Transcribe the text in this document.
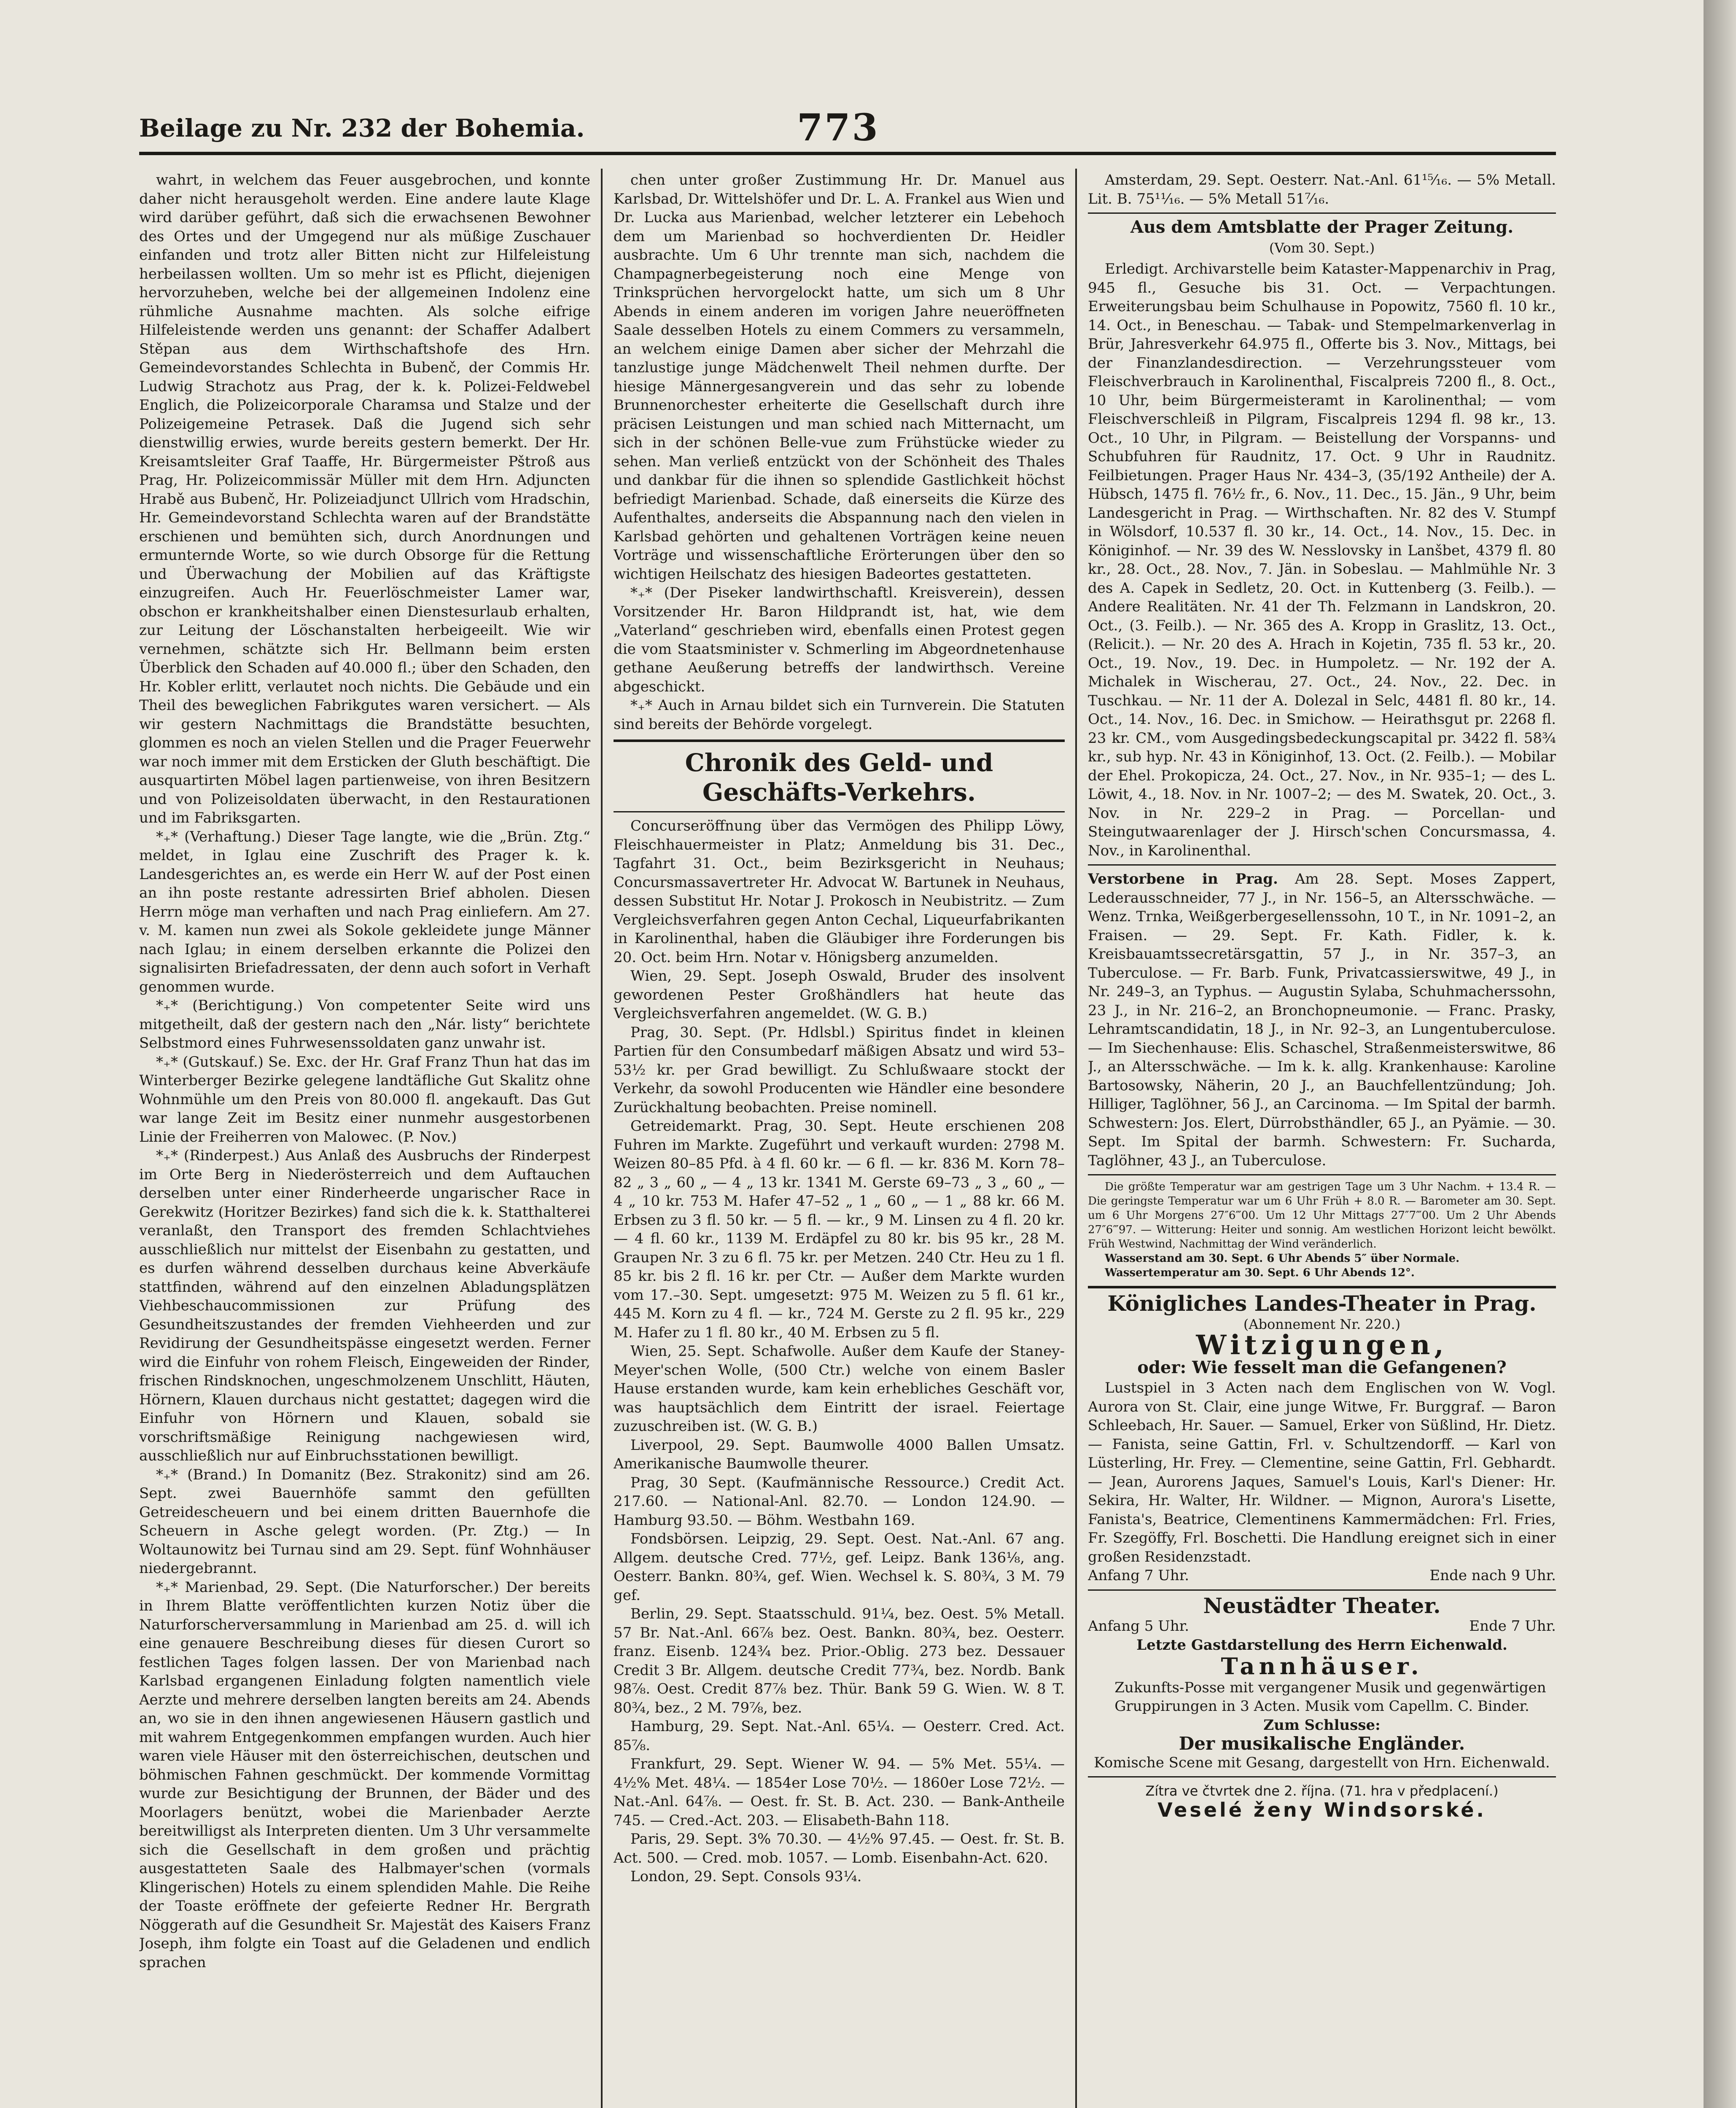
Beilage zu Nr. 232 der Bohemia.	773

wahrt, in welchem das Feuer ausgebrochen, und konnte daher nicht herausgeholt werden. Eine andere laute Klage wird darüber geführt, daß sich die erwachsenen Bewohner des Ortes und der Umgegend nur als müßige Zuschauer einfanden und trotz aller Bitten nicht zur Hilfeleistung herbeilassen wollten. Um so mehr ist es Pflicht, diejenigen hervorzuheben, welche bei der allgemeinen Indolenz eine rühmliche Ausnahme machten. Als solche eifrige Hilfeleistende werden uns genannt: der Schaffer Adalbert Stěpan aus dem Wirthschaftshofe des Hrn. Gemeindevorstandes Schlechta in Bubenč, der Commis Hr. Ludwig Strachotz aus Prag, der k. k. Polizei-Feldwebel Englich, die Polizeicorporale Charamsa und Stalze und der Polizeigemeine Petrasek. Daß die Jugend sich sehr dienstwillig erwies, wurde bereits gestern bemerkt. Der Hr. Kreisamtsleiter Graf Taaffe, Hr. Bürgermeister Pštroß aus Prag, Hr. Polizeicommissär Müller mit dem Hrn. Adjuncten Hrabě aus Bubenč, Hr. Polizeiadjunct Ullrich vom Hradschin, Hr. Gemeindevorstand Schlechta waren auf der Brandstätte erschienen und bemühten sich, durch Anordnungen und ermunternde Worte, so wie durch Obsorge für die Rettung und Überwachung der Mobilien auf das Kräftigste einzugreifen. Auch Hr. Feuerlöschmeister Lamer war, obschon er krankheitshalber einen Dienstesurlaub erhalten, zur Leitung der Löschanstalten herbeigeeilt. Wie wir vernehmen, schätzte sich Hr. Bellmann beim ersten Überblick den Schaden auf 40.000 fl.; über den Schaden, den Hr. Kobler erlitt, verlautet noch nichts. Die Gebäude und ein Theil des beweglichen Fabrikgutes waren versichert. — Als wir gestern Nachmittags die Brandstätte besuchten, glommen es noch an vielen Stellen und die Prager Feuerwehr war noch immer mit dem Ersticken der Gluth beschäftigt. Die ausquartirten Möbel lagen partienweise, von ihren Besitzern und von Polizeisoldaten überwacht, in den Restaurationen und im Fabriksgarten.

*₊* (Verhaftung.) Dieser Tage langte, wie die „Brün. Ztg.“ meldet, in Iglau eine Zuschrift des Prager k. k. Landesgerichtes an, es werde ein Herr W. auf der Post einen an ihn poste restante adressirten Brief abholen. Diesen Herrn möge man verhaften und nach Prag einliefern. Am 27. v. M. kamen nun zwei als Sokole gekleidete junge Männer nach Iglau; in einem derselben erkannte die Polizei den signalisirten Briefadressaten, der denn auch sofort in Verhaft genommen wurde.

*₊* (Berichtigung.) Von competenter Seite wird uns mitgetheilt, daß der gestern nach den „Nár. listy“ berichtete Selbstmord eines Fuhrwesenssoldaten ganz unwahr ist.

*₊* (Gutskauf.) Se. Exc. der Hr. Graf Franz Thun hat das im Winterberger Bezirke gelegene landtäfliche Gut Skalitz ohne Wohnmühle um den Preis von 80.000 fl. angekauft. Das Gut war lange Zeit im Besitz einer nunmehr ausgestorbenen Linie der Freiherren von Malowec. (P. Nov.)

*₊* (Rinderpest.) Aus Anlaß des Ausbruchs der Rinderpest im Orte Berg in Niederösterreich und dem Auftauchen derselben unter einer Rinderheerde ungarischer Race in Gerekwitz (Horitzer Bezirkes) fand sich die k. k. Statthalterei veranlaßt, den Transport des fremden Schlachtviehes ausschließlich nur mittelst der Eisenbahn zu gestatten, und es durfen während desselben durchaus keine Abverkäufe stattfinden, während auf den einzelnen Abladungsplätzen Viehbeschaucommissionen zur Prüfung des Gesundheitszustandes der fremden Viehheerden und zur Revidirung der Gesundheitspässe eingesetzt werden. Ferner wird die Einfuhr von rohem Fleisch, Eingeweiden der Rinder, frischen Rindsknochen, ungeschmolzenem Unschlitt, Häuten, Hörnern, Klauen durchaus nicht gestattet; dagegen wird die Einfuhr von Hörnern und Klauen, sobald sie vorschriftsmäßige Reinigung nachgewiesen wird, ausschließlich nur auf Einbruchsstationen bewilligt.

*₊* (Brand.) In Domanitz (Bez. Strakonitz) sind am 26. Sept. zwei Bauernhöfe sammt den gefüllten Getreidescheuern und bei einem dritten Bauernhofe die Scheuern in Asche gelegt worden. (Pr. Ztg.) — In Woltaunowitz bei Turnau sind am 29. Sept. fünf Wohnhäuser niedergebrannt.

*₊* Marienbad, 29. Sept. (Die Naturforscher.) Der bereits in Ihrem Blatte veröffentlichten kurzen Notiz über die Naturforscherversammlung in Marienbad am 25. d. will ich eine genauere Beschreibung dieses für diesen Curort so festlichen Tages folgen lassen. Der von Marienbad nach Karlsbad ergangenen Einladung folgten namentlich viele Aerzte und mehrere derselben langten bereits am 24. Abends an, wo sie in den ihnen angewiesenen Häusern gastlich und mit wahrem Entgegenkommen empfangen wurden. Auch hier waren viele Häuser mit den österreichischen, deutschen und böhmischen Fahnen geschmückt. Der kommende Vormittag wurde zur Besichtigung der Brunnen, der Bäder und des Moorlagers benützt, wobei die Marienbader Aerzte bereitwilligst als Interpreten dienten. Um 3 Uhr versammelte sich die Gesellschaft in dem großen und prächtig ausgestatteten Saale des Halbmayer'schen (vormals Klingerischen) Hotels zu einem splendiden Mahle. Die Reihe der Toaste eröffnete der gefeierte Redner Hr. Bergrath Nöggerath auf die Gesundheit Sr. Majestät des Kaisers Franz Joseph, ihm folgte ein Toast auf die Geladenen und endlich sprachen

chen unter großer Zustimmung Hr. Dr. Manuel aus Karlsbad, Dr. Wittelshöfer und Dr. L. A. Frankel aus Wien und Dr. Lucka aus Marienbad, welcher letzterer ein Lebehoch dem um Marienbad so hochverdienten Dr. Heidler ausbrachte. Um 6 Uhr trennte man sich, nachdem die Champagnerbegeisterung noch eine Menge von Trinksprüchen hervorgelockt hatte, um sich um 8 Uhr Abends in einem anderen im vorigen Jahre neueröffneten Saale desselben Hotels zu einem Commers zu versammeln, an welchem einige Damen aber sicher der Mehrzahl die tanzlustige junge Mädchenwelt Theil nehmen durfte. Der hiesige Männergesangverein und das sehr zu lobende Brunnenorchester erheiterte die Gesellschaft durch ihre präcisen Leistungen und man schied nach Mitternacht, um sich in der schönen Belle-vue zum Frühstücke wieder zu sehen. Man verließ entzückt von der Schönheit des Thales und dankbar für die ihnen so splendide Gastlichkeit höchst befriedigt Marienbad. Schade, daß einerseits die Kürze des Aufenthaltes, anderseits die Abspannung nach den vielen in Karlsbad gehörten und gehaltenen Vorträgen keine neuen Vorträge und wissenschaftliche Erörterungen über den so wichtigen Heilschatz des hiesigen Badeortes gestatteten.

*₊* (Der Piseker landwirthschaftl. Kreisverein), dessen Vorsitzender Hr. Baron Hildprandt ist, hat, wie dem „Vaterland“ geschrieben wird, ebenfalls einen Protest gegen die vom Staatsminister v. Schmerling im Abgeordnetenhause gethane Aeußerung betreffs der landwirthsch. Vereine abgeschickt.

*₊* Auch in Arnau bildet sich ein Turnverein. Die Statuten sind bereits der Behörde vorgelegt.

Chronik des Geld- und Geschäfts-Verkehrs.

Concurseröffnung über das Vermögen des Philipp Löwy, Fleischhauermeister in Platz; Anmeldung bis 31. Dec., Tagfahrt 31. Oct., beim Bezirksgericht in Neuhaus; Concursmassavertreter Hr. Advocat W. Bartunek in Neuhaus, dessen Substitut Hr. Notar J. Prokosch in Neubistritz. — Zum Vergleichsverfahren gegen Anton Cechal, Liqueurfabrikanten in Karolinenthal, haben die Gläubiger ihre Forderungen bis 20. Oct. beim Hrn. Notar v. Hönigsberg anzumelden.

Wien, 29. Sept. Joseph Oswald, Bruder des insolvent gewordenen Pester Großhändlers hat heute das Vergleichsverfahren angemeldet. (W. G. B.)

Prag, 30. Sept. (Pr. Hdlsbl.) Spiritus findet in kleinen Partien für den Consumbedarf mäßigen Absatz und wird 53–53½ kr. per Grad bewilligt. Zu Schlußwaare stockt der Verkehr, da sowohl Producenten wie Händler eine besondere Zurückhaltung beobachten. Preise nominell.

Getreidemarkt. Prag, 30. Sept. Heute erschienen 208 Fuhren im Markte. Zugeführt und verkauft wurden: 2798 M. Weizen 80–85 Pfd. à 4 fl. 60 kr. — 6 fl. — kr. 836 M. Korn 78–82 „ 3 „ 60 „ — 4 „ 13 kr. 1341 M. Gerste 69–73 „ 3 „ 60 „ — 4 „ 10 kr. 753 M. Hafer 47–52 „ 1 „ 60 „ — 1 „ 88 kr. 66 M. Erbsen zu 3 fl. 50 kr. — 5 fl. — kr., 9 M. Linsen zu 4 fl. 20 kr. — 4 fl. 60 kr., 1139 M. Erdäpfel zu 80 kr. bis 95 kr., 28 M. Graupen Nr. 3 zu 6 fl. 75 kr. per Metzen. 240 Ctr. Heu zu 1 fl. 85 kr. bis 2 fl. 16 kr. per Ctr. — Außer dem Markte wurden vom 17.–30. Sept. umgesetzt: 975 M. Weizen zu 5 fl. 61 kr., 445 M. Korn zu 4 fl. — kr., 724 M. Gerste zu 2 fl. 95 kr., 229 M. Hafer zu 1 fl. 80 kr., 40 M. Erbsen zu 5 fl.

Wien, 25. Sept. Schafwolle. Außer dem Kaufe der Staney-Meyer'schen Wolle, (500 Ctr.) welche von einem Basler Hause erstanden wurde, kam kein erhebliches Geschäft vor, was hauptsächlich dem Eintritt der israel. Feiertage zuzuschreiben ist. (W. G. B.)

Liverpool, 29. Sept. Baumwolle 4000 Ballen Umsatz. Amerikanische Baumwolle theurer.

Prag, 30 Sept. (Kaufmännische Ressource.) Credit Act. 217.60. — National-Anl. 82.70. — London 124.90. — Hamburg 93.50. — Böhm. Westbahn 169.

Fondsbörsen. Leipzig, 29. Sept. Oest. Nat.-Anl. 67 ang. Allgem. deutsche Cred. 77½, gef. Leipz. Bank 136⅛, ang. Oesterr. Bankn. 80¾, gef. Wien. Wechsel k. S. 80¾, 3 M. 79 gef.

Berlin, 29. Sept. Staatsschuld. 91¼, bez. Oest. 5% Metall. 57 Br. Nat.-Anl. 66⅞ bez. Oest. Bankn. 80¾, bez. Oesterr. franz. Eisenb. 124¾ bez. Prior.-Oblig. 273 bez. Dessauer Credit 3 Br. Allgem. deutsche Credit 77¾, bez. Nordb. Bank 98⅞. Oest. Credit 87⅞ bez. Thür. Bank 59 G. Wien. W. 8 T. 80¾, bez., 2 M. 79⅞, bez.

Hamburg, 29. Sept. Nat.-Anl. 65¼. — Oesterr. Cred. Act. 85⅞.

Frankfurt, 29. Sept. Wiener W. 94. — 5% Met. 55¼. — 4½% Met. 48¼. — 1854er Lose 70½. — 1860er Lose 72½. — Nat.-Anl. 64⅞. — Oest. fr. St. B. Act. 230. — Bank-Antheile 745. — Cred.-Act. 203. — Elisabeth-Bahn 118.

Paris, 29. Sept. 3% 70.30. — 4½% 97.45. — Oest. fr. St. B. Act. 500. — Cred. mob. 1057. — Lomb. Eisenbahn-Act. 620.

London, 29. Sept. Consols 93¼.

Amsterdam, 29. Sept. Oesterr. Nat.-Anl. 61¹⁵⁄₁₆. — 5% Metall. Lit. B. 75¹¹⁄₁₆. — 5% Metall 51⁷⁄₁₆.

Aus dem Amtsblatte der Prager Zeitung.
(Vom 30. Sept.)

Erledigt. Archivarstelle beim Kataster-Mappenarchiv in Prag, 945 fl., Gesuche bis 31. Oct. — Verpachtungen. Erweiterungsbau beim Schulhause in Popowitz, 7560 fl. 10 kr., 14. Oct., in Beneschau. — Tabak- und Stempelmarkenverlag in Brür, Jahresverkehr 64.975 fl., Offerte bis 3. Nov., Mittags, bei der Finanzlandesdirection. — Verzehrungssteuer vom Fleischverbrauch in Karolinenthal, Fiscalpreis 7200 fl., 8. Oct., 10 Uhr, beim Bürgermeisteramt in Karolinenthal; — vom Fleischverschleiß in Pilgram, Fiscalpreis 1294 fl. 98 kr., 13. Oct., 10 Uhr, in Pilgram. — Beistellung der Vorspanns- und Schubfuhren für Raudnitz, 17. Oct. 9 Uhr in Raudnitz. Feilbietungen. Prager Haus Nr. 434–3, (35/192 Antheile) der A. Hübsch, 1475 fl. 76½ fr., 6. Nov., 11. Dec., 15. Jän., 9 Uhr, beim Landesgericht in Prag. — Wirthschaften. Nr. 82 des V. Stumpf in Wölsdorf, 10.537 fl. 30 kr., 14. Oct., 14. Nov., 15. Dec. in Königinhof. — Nr. 39 des W. Nesslovsky in Lanšbet, 4379 fl. 80 kr., 28. Oct., 28. Nov., 7. Jän. in Sobeslau. — Mahlmühle Nr. 3 des A. Capek in Sedletz, 20. Oct. in Kuttenberg (3. Feilb.). — Andere Realitäten. Nr. 41 der Th. Felzmann in Landskron, 20. Oct., (3. Feilb.). — Nr. 365 des A. Kropp in Graslitz, 13. Oct., (Relicit.). — Nr. 20 des A. Hrach in Kojetin, 735 fl. 53 kr., 20. Oct., 19. Nov., 19. Dec. in Humpoletz. — Nr. 192 der A. Michalek in Wischerau, 27. Oct., 24. Nov., 22. Dec. in Tuschkau. — Nr. 11 der A. Dolezal in Selc, 4481 fl. 80 kr., 14. Oct., 14. Nov., 16. Dec. in Smichow. — Heirathsgut pr. 2268 fl. 23 kr. CM., vom Ausgedingsbedeckungscapital pr. 3422 fl. 58¾ kr., sub hyp. Nr. 43 in Königinhof, 13. Oct. (2. Feilb.). — Mobilar der Ehel. Prokopicza, 24. Oct., 27. Nov., in Nr. 935–1; — des L. Löwit, 4., 18. Nov. in Nr. 1007–2; — des M. Swatek, 20. Oct., 3. Nov. in Nr. 229–2 in Prag. — Porcellan- und Steingutwaarenlager der J. Hirsch'schen Concursmassa, 4. Nov., in Karolinenthal.

Verstorbene in Prag. Am 28. Sept. Moses Zappert, Lederausschneider, 77 J., in Nr. 156–5, an Altersschwäche. — Wenz. Trnka, Weißgerbergesellenssohn, 10 T., in Nr. 1091–2, an Fraisen. — 29. Sept. Fr. Kath. Fidler, k. k. Kreisbauamtssecretärsgattin, 57 J., in Nr. 357–3, an Tuberculose. — Fr. Barb. Funk, Privatcassierswitwe, 49 J., in Nr. 249–3, an Typhus. — Augustin Sylaba, Schuhmacherssohn, 23 J., in Nr. 216–2, an Bronchopneumonie. — Franc. Prasky, Lehramtscandidatin, 18 J., in Nr. 92–3, an Lungentuberculose. — Im Siechenhause: Elis. Schaschel, Straßenmeisterswitwe, 86 J., an Altersschwäche. — Im k. k. allg. Krankenhause: Karoline Bartosowsky, Näherin, 20 J., an Bauchfellentzündung; Joh. Hilliger, Taglöhner, 56 J., an Carcinoma. — Im Spital der barmh. Schwestern: Jos. Elert, Dürrobsthändler, 65 J., an Pyämie. — 30. Sept. Im Spital der barmh. Schwestern: Fr. Sucharda, Taglöhner, 43 J., an Tuberculose.

Die größte Temperatur war am gestrigen Tage um 3 Uhr Nachm. + 13.4 R. — Die geringste Temperatur war um 6 Uhr Früh + 8.0 R. — Barometer am 30. Sept. um 6 Uhr Morgens 27″6‴00. Um 12 Uhr Mittags 27″7‴00. Um 2 Uhr Abends 27″6‴97. — Witterung: Heiter und sonnig. Am westlichen Horizont leicht bewölkt. Früh Westwind, Nachmittag der Wind veränderlich.

Wasserstand am 30. Sept. 6 Uhr Abends 5″ über Normale.

Wassertemperatur am 30. Sept. 6 Uhr Abends 12°.

Königliches Landes-Theater in Prag.
(Abonnement Nr. 220.)
Witzigungen,
oder: Wie fesselt man die Gefangenen?

Lustspiel in 3 Acten nach dem Englischen von W. Vogl. Aurora von St. Clair, eine junge Witwe, Fr. Burggraf. — Baron Schleebach, Hr. Sauer. — Samuel, Erker von Süßlind, Hr. Dietz. — Fanista, seine Gattin, Frl. v. Schultzendorff. — Karl von Lüsterling, Hr. Frey. — Clementine, seine Gattin, Frl. Gebhardt. — Jean, Aurorens Jaques, Samuel's Louis, Karl's Diener: Hr. Sekira, Hr. Walter, Hr. Wildner. — Mignon, Aurora's Lisette, Fanista's, Beatrice, Clementinens Kammermädchen: Frl. Fries, Fr. Szegöffy, Frl. Boschetti. Die Handlung ereignet sich in einer großen Residenzstadt.

Anfang 7 Uhr.	Ende nach 9 Uhr.
Neustädter Theater.
Anfang 5 Uhr.	Ende 7 Uhr.
Letzte Gastdarstellung des Herrn Eichenwald.
Tannhäuser.

Zukunfts-Posse mit vergangener Musik und gegenwärtigen Gruppirungen in 3 Acten. Musik vom Capellm. C. Binder.

Zum Schlusse:
Der musikalische Engländer.
Komische Scene mit Gesang, dargestellt von Hrn. Eichenwald.
Zítra ve čtvrtek dne 2. října. (71. hra v předplacení.)
Veselé ženy Windsorské.
